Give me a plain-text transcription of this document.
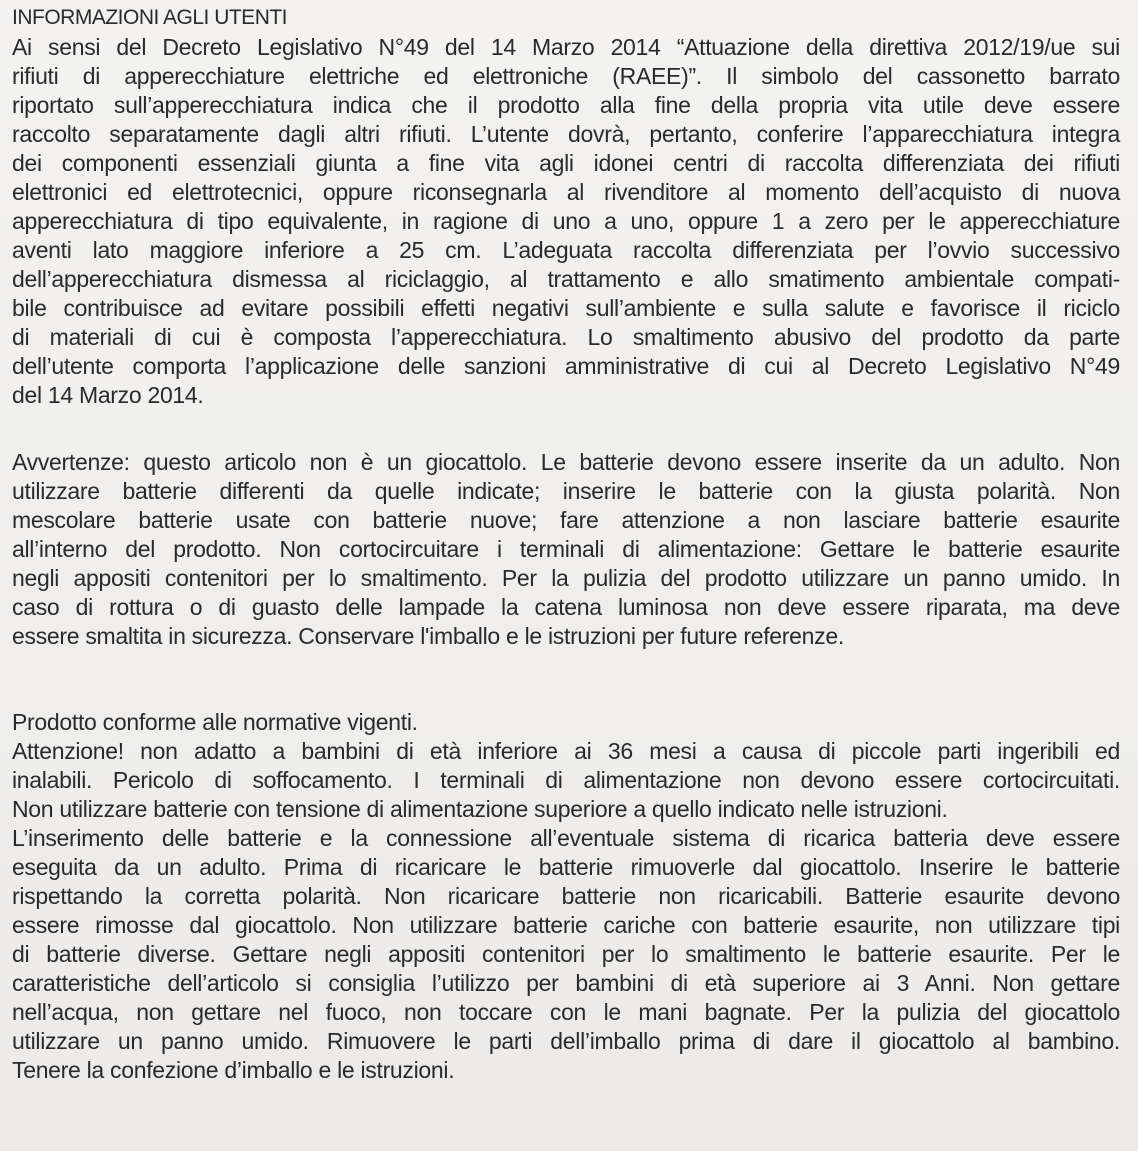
INFORMAZIONI AGLI UTENTI

Ai sensi del Decreto Legislativo N°49 del 14 Marzo 2014 “Attuazione della direttiva 2012/19/ue sui

rifiuti di apperecchiature elettriche ed elettroniche (RAEE)”. Il simbolo del cassonetto barrato

riportato sull’apperecchiatura indica che il prodotto alla fine della propria vita utile deve essere

raccolto separatamente dagli altri rifiuti. L’utente dovrà, pertanto, conferire l’apparecchiatura integra

dei componenti essenziali giunta a fine vita agli idonei centri di raccolta differenziata dei rifiuti

elettronici ed elettrotecnici, oppure riconsegnarla al rivenditore al momento dell’acquisto di nuova

apperecchiatura di tipo equivalente, in ragione di uno a uno, oppure 1 a zero per le apperecchiature

aventi lato maggiore inferiore a 25 cm. L’adeguata raccolta differenziata per l’ovvio successivo

dell’apperecchiatura dismessa al riciclaggio, al trattamento e allo smatimento ambientale compati-

bile contribuisce ad evitare possibili effetti negativi sull’ambiente e sulla salute e favorisce il riciclo

di materiali di cui è composta l’apperecchiatura. Lo smaltimento abusivo del prodotto da parte

dell’utente comporta l’applicazione delle sanzioni amministrative di cui al Decreto Legislativo N°49

del 14 Marzo 2014.

Avvertenze: questo articolo non è un giocattolo. Le batterie devono essere inserite da un adulto. Non

utilizzare batterie differenti da quelle indicate; inserire le batterie con la giusta polarità. Non

mescolare batterie usate con batterie nuove; fare attenzione a non lasciare batterie esaurite

all’interno del prodotto. Non cortocircuitare i terminali di alimentazione: Gettare le batterie esaurite

negli appositi contenitori per lo smaltimento. Per la pulizia del prodotto utilizzare un panno umido. In

caso di rottura o di guasto delle lampade la catena luminosa non deve essere riparata, ma deve

essere smaltita in sicurezza. Conservare l'imballo e le istruzioni per future referenze.

Prodotto conforme alle normative vigenti.

Attenzione! non adatto a bambini di età inferiore ai 36 mesi a causa di piccole parti ingeribili ed

inalabili. Pericolo di soffocamento. I terminali di alimentazione non devono essere cortocircuitati.

Non utilizzare batterie con tensione di alimentazione superiore a quello indicato nelle istruzioni.

L’inserimento delle batterie e la connessione all’eventuale sistema di ricarica batteria deve essere

eseguita da un adulto. Prima di ricaricare le batterie rimuoverle dal giocattolo. Inserire le batterie

rispettando la corretta polarità. Non ricaricare batterie non ricaricabili. Batterie esaurite devono

essere rimosse dal giocattolo. Non utilizzare batterie cariche con batterie esaurite, non utilizzare tipi

di batterie diverse. Gettare negli appositi contenitori per lo smaltimento le batterie esaurite. Per le

caratteristiche dell’articolo si consiglia l’utilizzo per bambini di età superiore ai 3 Anni. Non gettare

nell’acqua, non gettare nel fuoco, non toccare con le mani bagnate. Per la pulizia del giocattolo

utilizzare un panno umido. Rimuovere le parti dell’imballo prima di dare il giocattolo al bambino.

Tenere la confezione d’imballo e le istruzioni.
